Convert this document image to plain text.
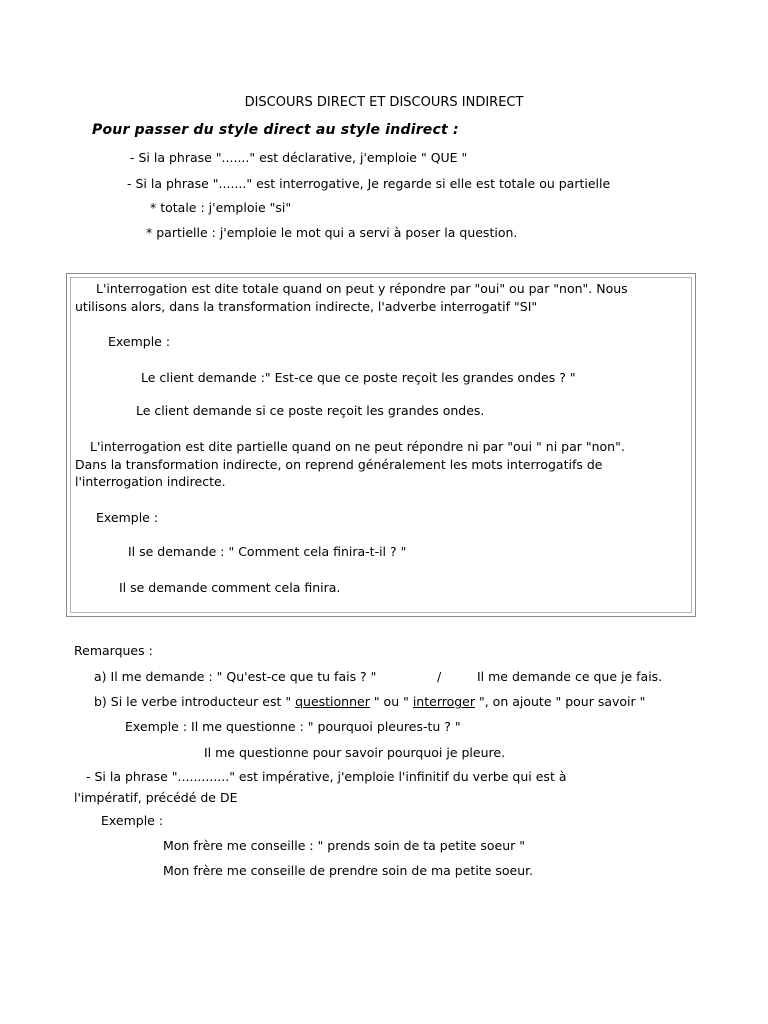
DISCOURS DIRECT ET DISCOURS INDIRECT
Pour passer du style direct au style indirect :
- Si la phrase "......." est déclarative, j'emploie " QUE "
- Si la phrase "......." est interrogative, Je regarde si elle est totale ou partielle
* totale : j'emploie "si"
* partielle : j'emploie le mot qui a servi à poser la question.
L'interrogation est dite totale quand on peut y répondre par "oui" ou par "non". Nous
utilisons alors, dans la transformation indirecte, l'adverbe interrogatif "SI"
Exemple :
Le client demande :" Est-ce que ce poste reçoit les grandes ondes ? "
Le client demande si ce poste reçoit les grandes ondes.
L'interrogation est dite partielle quand on ne peut répondre ni par "oui " ni par "non".
Dans la transformation indirecte, on reprend généralement les mots interrogatifs de
l'interrogation indirecte.
Exemple :
Il se demande : " Comment cela finira-t-il ? "
Il se demande comment cela finira.
Remarques :
a) Il me demande : " Qu'est-ce que tu fais ? "	/	Il me demande ce que je fais.
b) Si le verbe introducteur est " questionner " ou " interroger ", on ajoute " pour savoir "
Exemple : Il me questionne : " pourquoi pleures-tu ? "
Il me questionne pour savoir pourquoi je pleure.
- Si la phrase "............." est impérative, j'emploie l'infinitif du verbe qui est à
l'impératif, précédé de DE
Exemple :
Mon frère me conseille : " prends soin de ta petite soeur "
Mon frère me conseille de prendre soin de ma petite soeur.
